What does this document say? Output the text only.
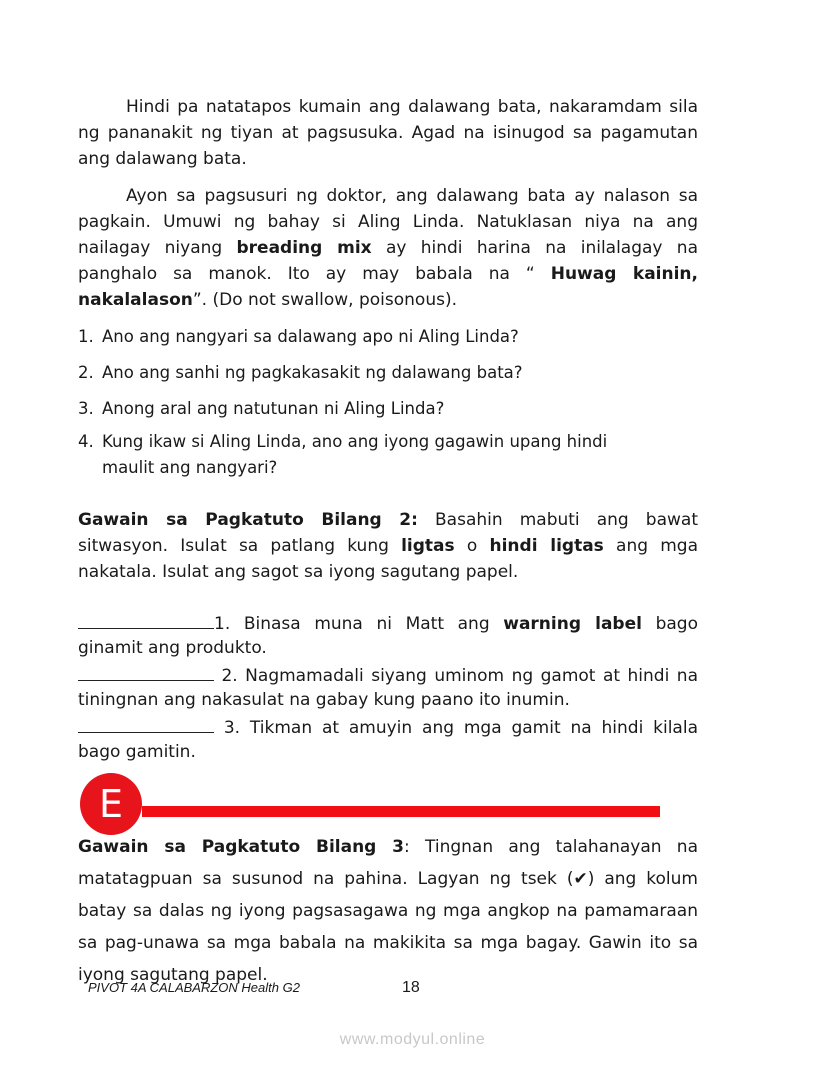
Hindi pa natatapos kumain ang dalawang bata, nakaramdam sila ng pananakit ng tiyan at pagsusuka. Agad na isinugod sa pagamutan ang dalawang bata.

Ayon sa pagsusuri ng doktor, ang dalawang bata ay nalason sa pagkain. Umuwi ng bahay si Aling Linda. Natuklasan niya na ang nailagay niyang breading mix ay hindi harina na inilalagay na panghalo sa manok. Ito ay may babala na “ Huwag kainin, nakalalason”. (Do not swallow, poisonous).

1. Ano ang nangyari sa dalawang apo ni Aling Linda?
2. Ano ang sanhi ng pagkakasakit ng dalawang bata?
3. Anong aral ang natutunan ni Aling Linda?
4. Kung ikaw si Aling Linda, ano ang iyong gagawin upang hindi
maulit ang nangyari?

Gawain sa Pagkatuto Bilang 2: Basahin mabuti ang bawat sitwasyon. Isulat sa patlang kung ligtas o hindi ligtas ang mga nakatala. Isulat ang sagot sa iyong sagutang papel.

1. Binasa muna ni Matt ang warning label bago ginamit ang produkto.

2. Nagmamadali siyang uminom ng gamot at hindi na tiningnan ang nakasulat na gabay kung paano ito inumin.

3. Tikman at amuyin ang mga gamit na hindi kilala bago gamitin.

E

Gawain sa Pagkatuto Bilang 3: Tingnan ang talahanayan na matatagpuan sa susunod na pahina. Lagyan ng tsek (✔) ang kolum batay sa dalas ng iyong pagsasagawa ng mga angkop na pamamaraan sa pag-unawa sa mga babala na makikita sa mga bagay. Gawin ito sa iyong sagutang papel.

PIVOT 4A CALABARZON Health G2	18
www.modyul.online
